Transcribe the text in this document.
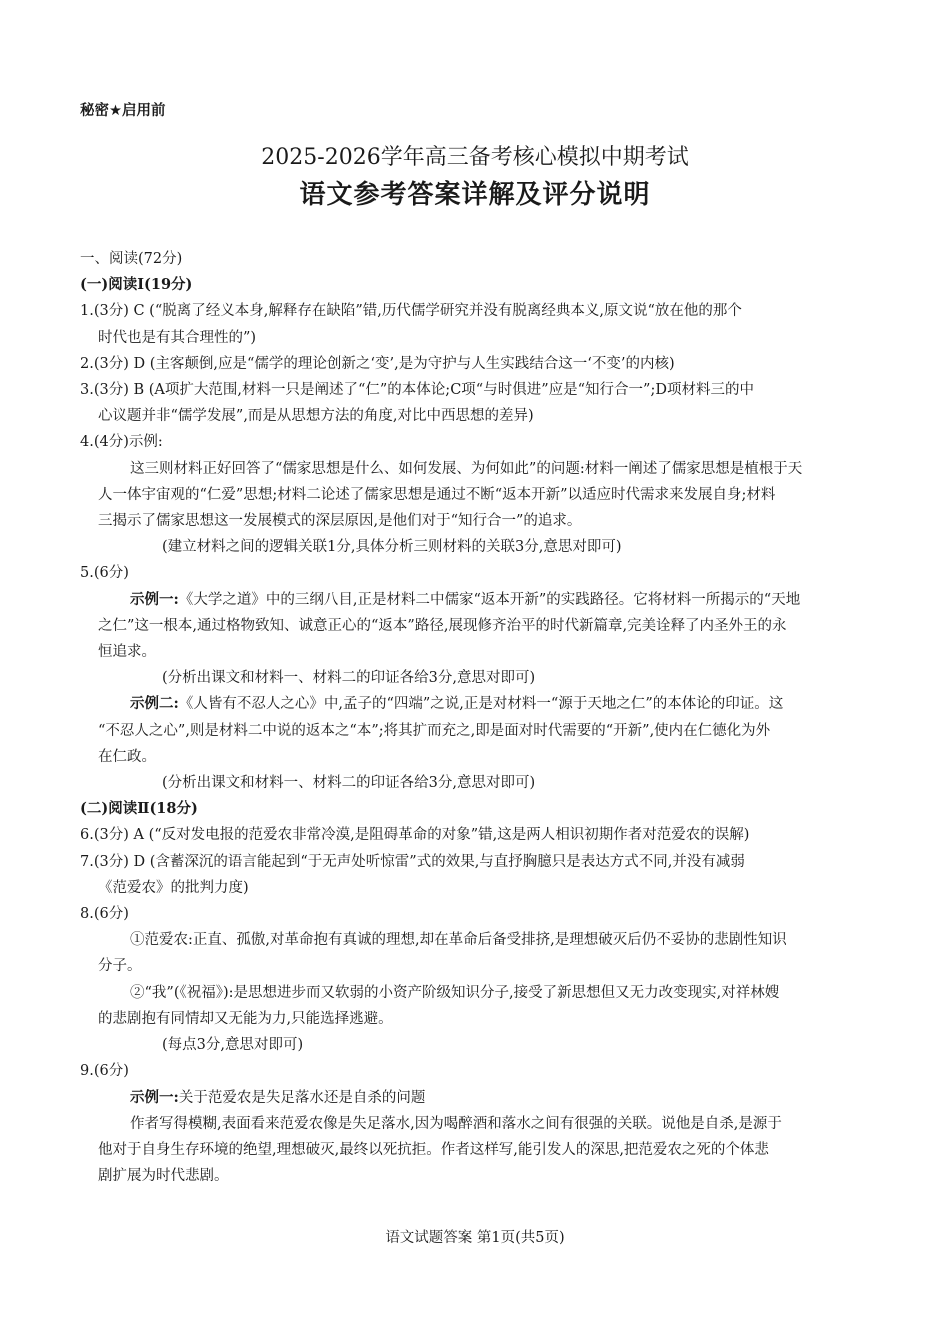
秘密★启用前
2025-2026学年高三备考核心模拟中期考试
语文参考答案详解及评分说明
一、阅读(72分)
(一)阅读Ⅰ(19分)
1.(3分) C (“脱离了经义本身,解释存在缺陷”错,历代儒学研究并没有脱离经典本义,原文说“放在他的那个
时代也是有其合理性的”)
2.(3分) D (主客颠倒,应是“儒学的理论创新之‘变’,是为守护与人生实践结合这一‘不变’的内核)
3.(3分) B (A项扩大范围,材料一只是阐述了“仁”的本体论;C项“与时俱进”应是“知行合一”;D项材料三的中
心议题并非“儒学发展”,而是从思想方法的角度,对比中西思想的差异)
4.(4分)示例:
这三则材料正好回答了“儒家思想是什么、如何发展、为何如此”的问题:材料一阐述了儒家思想是植根于天
人一体宇宙观的“仁爱”思想;材料二论述了儒家思想是通过不断“返本开新”以适应时代需求来发展自身;材料
三揭示了儒家思想这一发展模式的深层原因,是他们对于“知行合一”的追求。
(建立材料之间的逻辑关联1分,具体分析三则材料的关联3分,意思对即可)
5.(6分)
示例一:《大学之道》中的三纲八目,正是材料二中儒家“返本开新”的实践路径。它将材料一所揭示的“天地
之仁”这一根本,通过格物致知、诚意正心的“返本”路径,展现修齐治平的时代新篇章,完美诠释了内圣外王的永
恒追求。
(分析出课文和材料一、材料二的印证各给3分,意思对即可)
示例二:《人皆有不忍人之心》中,孟子的“四端”之说,正是对材料一“源于天地之仁”的本体论的印证。这
“不忍人之心”,则是材料二中说的返本之“本”;将其扩而充之,即是面对时代需要的“开新”,使内在仁德化为外
在仁政。
(分析出课文和材料一、材料二的印证各给3分,意思对即可)
(二)阅读Ⅱ(18分)
6.(3分) A (“反对发电报的范爱农非常冷漠,是阻碍革命的对象”错,这是两人相识初期作者对范爱农的误解)
7.(3分) D (含蓄深沉的语言能起到“于无声处听惊雷”式的效果,与直抒胸臆只是表达方式不同,并没有减弱
《范爱农》的批判力度)
8.(6分)
①范爱农:正直、孤傲,对革命抱有真诚的理想,却在革命后备受排挤,是理想破灭后仍不妥协的悲剧性知识
分子。
②“我”(《祝福》):是思想进步而又软弱的小资产阶级知识分子,接受了新思想但又无力改变现实,对祥林嫂
的悲剧抱有同情却又无能为力,只能选择逃避。
(每点3分,意思对即可)
9.(6分)
示例一:关于范爱农是失足落水还是自杀的问题
作者写得模糊,表面看来范爱农像是失足落水,因为喝醉酒和落水之间有很强的关联。说他是自杀,是源于
他对于自身生存环境的绝望,理想破灭,最终以死抗拒。作者这样写,能引发人的深思,把范爱农之死的个体悲
剧扩展为时代悲剧。
语文试题答案 第1页(共5页)
